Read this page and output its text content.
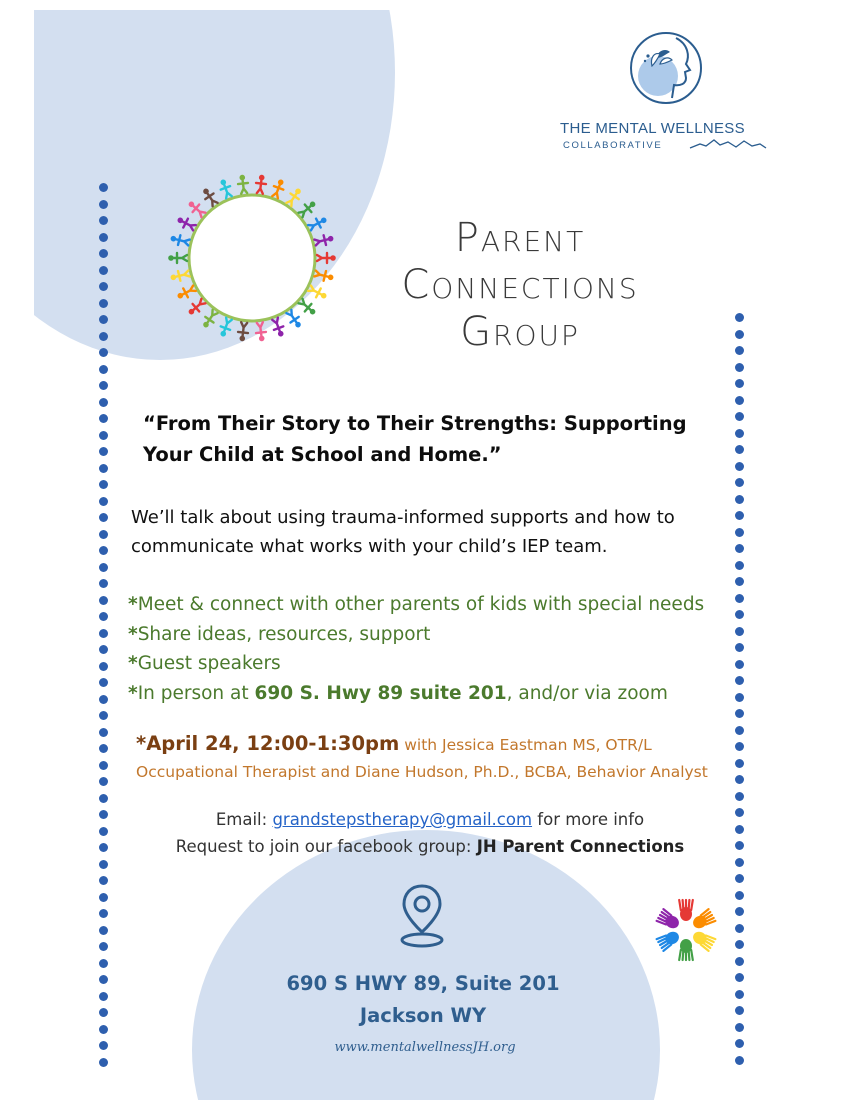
THE MENTAL WELLNESS
COLLABORATIVE
Parent
Connections
Group
“From Their Story to Their Strengths: Supporting Your Child at School and Home.”
We’ll talk about using trauma-informed supports and how to communicate what works with your child’s IEP team.
*Meet & connect with other parents of kids with special needs
*Share ideas, resources, support
*Guest speakers
*In person at 690 S. Hwy 89 suite 201, and/or via zoom
*April 24, 12:00-1:30pm with Jessica Eastman MS, OTR/L
Occupational Therapist and Diane Hudson, Ph.D., BCBA, Behavior Analyst
Email: grandstepstherapy@gmail.com for more info
Request to join our facebook group: JH Parent Connections
690 S HWY 89, Suite 201
Jackson WY
www.mentalwellnessJH.org
